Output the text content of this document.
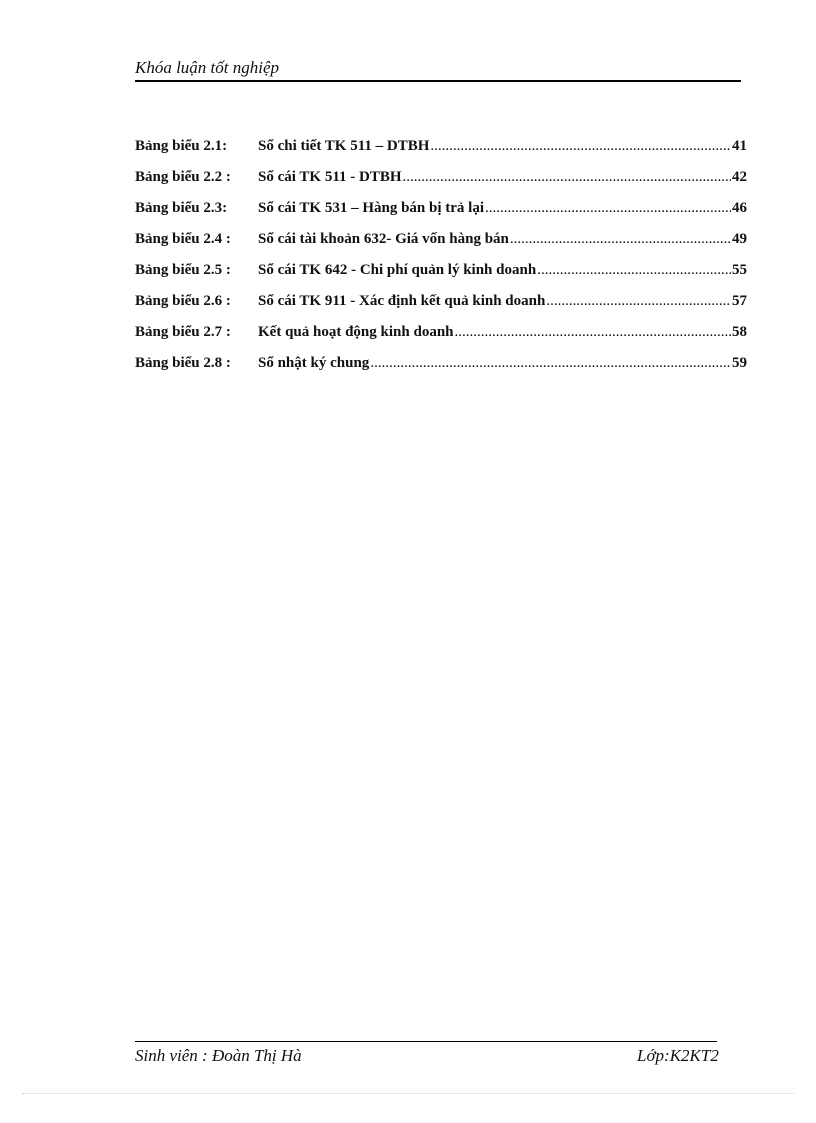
Khóa luận tốt nghiệp
Bảng biểu 2.1:	Sổ chi tiết TK 511 – DTBH .....	41
Bảng biểu 2.2 :	Sổ cái TK 511 - DTBH .....	42
Bảng biểu 2.3:	Sổ cái TK 531 – Hàng bán bị trả lại .....	46
Bảng biểu 2.4 :	Sổ cái tài khoản 632- Giá vốn hàng bán .....	49
Bảng biểu 2.5 :	Sổ cái TK 642 - Chi phí quản lý kinh doanh .....	55
Bảng biểu 2.6 :	Sổ cái TK 911 - Xác định kết quả kinh doanh .....	57
Bảng biểu 2.7 :	Kết quả hoạt động kinh doanh .....	58
Bảng biểu 2.8 :	Sổ nhật ký chung .....	59
Sinh viên : Đoàn Thị Hà	Lớp:K2KT2
